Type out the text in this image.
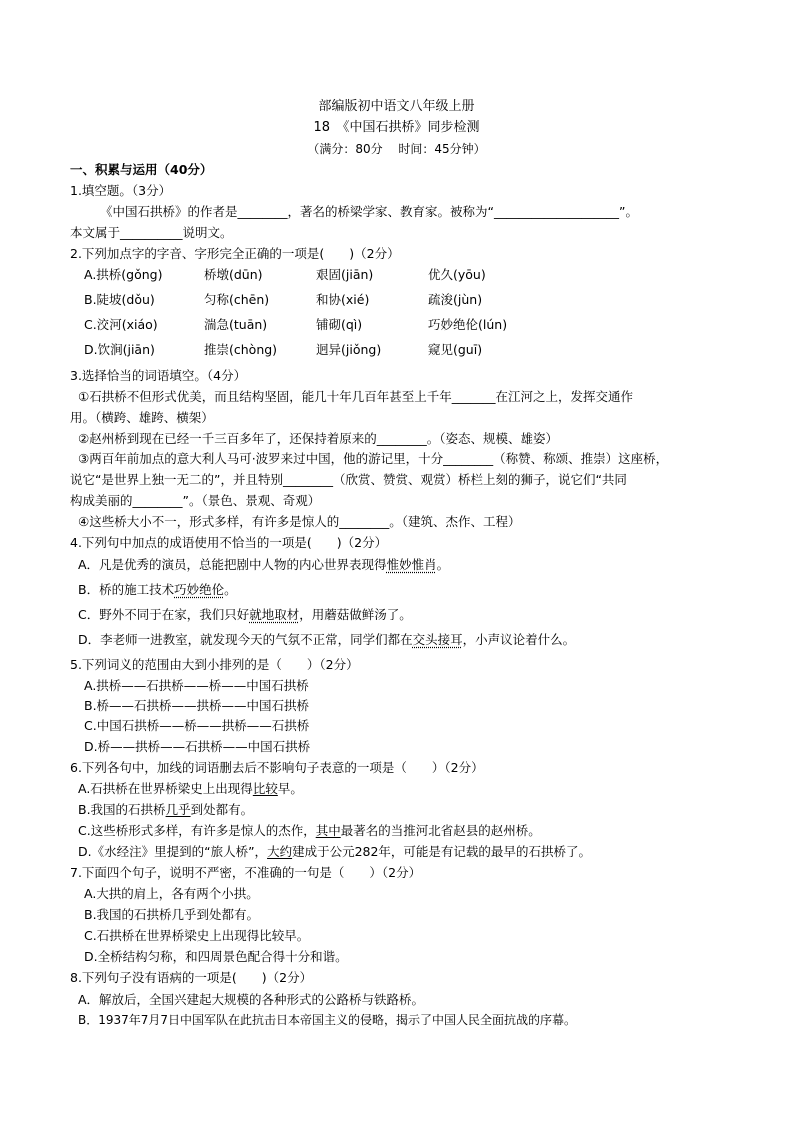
部编版初中语文八年级上册
18　《中国石拱桥》同步检测
（满分：80分　 时间：45分钟）
一、积累与运用（40分）
1.填空题。（3分）
《中国石拱桥》的作者是________，著名的桥梁学家、教育家。被称为“____________________”。
本文属于__________说明文。
2.下列加点字的字音、字形完全正确的一项是(　　)（2分）
A.拱桥(gǒng)	桥墩(dūn)	艰固(jiān)	优久(yōu)
B.陡坡(dǒu)	匀称(chēn)	和协(xié)	疏浚(jùn)
C.洨河(xiáo)	湍急(tuān)	铺砌(qì)	巧妙绝伦(lún)
D.饮涧(jiān)	推崇(chòng)	迥异(jiǒng)	窥见(guī)
3.选择恰当的词语填空。（4分）
①石拱桥不但形式优美，而且结构坚固，能几十年几百年甚至上千年_______在江河之上，发挥交通作
用。（横跨、雄跨、横架）
②赵州桥到现在已经一千三百多年了，还保持着原来的________。（姿态、规模、雄姿）
③两百年前加点的意大利人马可·波罗来过中国，他的游记里，十分________（称赞、称颂、推崇）这座桥，
说它“是世界上独一无二的”，并且特别________（欣赏、赞赏、观赏）桥栏上刻的狮子，说它们“共同
构成美丽的________”。（景色、景观、奇观）
④这些桥大小不一，形式多样，有许多是惊人的________。（建筑、杰作、工程）
4.下列句中加点的成语使用不恰当的一项是(　　)（2分）
A．凡是优秀的演员，总能把剧中人物的内心世界表现得惟妙惟肖。
B．桥的施工技术巧妙绝伦。
C．野外不同于在家，我们只好就地取材，用蘑菇做鲜汤了。
D．李老师一进教室，就发现今天的气氛不正常，同学们都在交头接耳，小声议论着什么。
5.下列词义的范围由大到小排列的是（　　）（2分）
A.拱桥——石拱桥——桥——中国石拱桥
B.桥——石拱桥——拱桥——中国石拱桥
C.中国石拱桥——桥——拱桥——石拱桥
D.桥——拱桥——石拱桥——中国石拱桥
6.下列各句中，加线的词语删去后不影响句子表意的一项是（　　）（2分）
A.石拱桥在世界桥梁史上出现得比较早。
B.我国的石拱桥几乎到处都有。
C.这些桥形式多样，有许多是惊人的杰作，其中最著名的当推河北省赵县的赵州桥。
D.《水经注》里提到的“旅人桥”，大约建成于公元282年，可能是有记载的最早的石拱桥了。
7.下面四个句子，说明不严密，不准确的一句是（　　）（2分）
A.大拱的肩上，各有两个小拱。
B.我国的石拱桥几乎到处都有。
C.石拱桥在世界桥梁史上出现得比较早。
D.全桥结构匀称，和四周景色配合得十分和谐。
8.下列句子没有语病的一项是(　　)（2分）
A．解放后，全国兴建起大规模的各种形式的公路桥与铁路桥。
B．1937年7月7日中国军队在此抗击日本帝国主义的侵略，揭示了中国人民全面抗战的序幕。
